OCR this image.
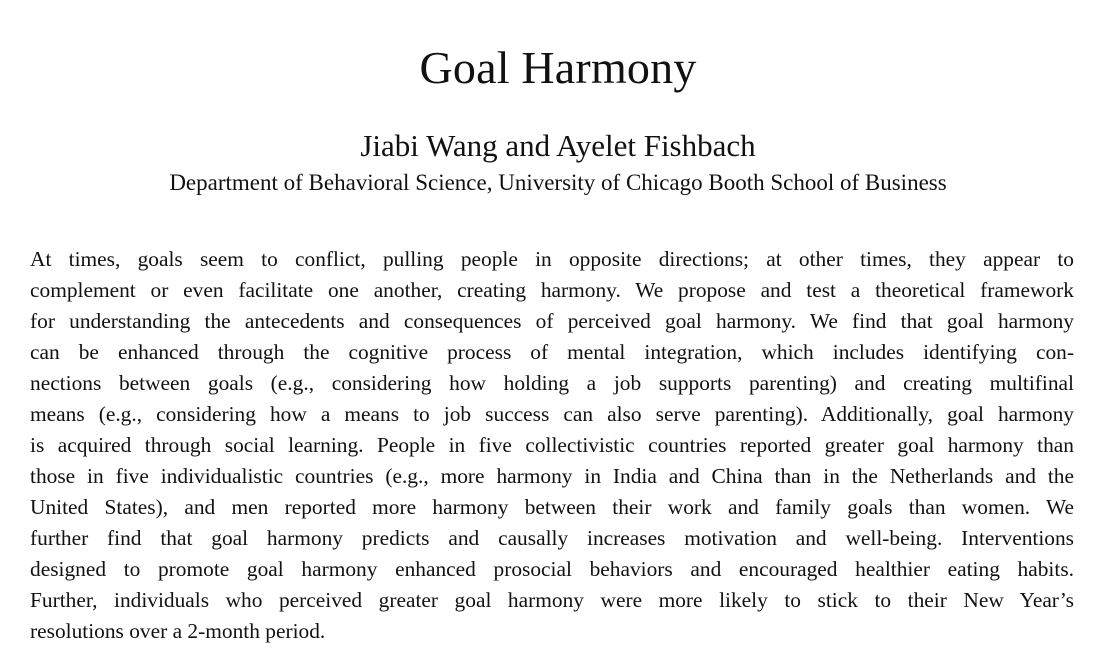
Goal Harmony
Jiabi Wang and Ayelet Fishbach
Department of Behavioral Science, University of Chicago Booth School of Business

At times, goals seem to conflict, pulling people in opposite directions; at other times, they appear to
complement or even facilitate one another, creating harmony. We propose and test a theoretical framework
for understanding the antecedents and consequences of perceived goal harmony. We find that goal harmony
can be enhanced through the cognitive process of mental integration, which includes identifying con-
nections between goals (e.g., considering how holding a job supports parenting) and creating multifinal
means (e.g., considering how a means to job success can also serve parenting). Additionally, goal harmony
is acquired through social learning. People in five collectivistic countries reported greater goal harmony than
those in five individualistic countries (e.g., more harmony in India and China than in the Netherlands and the
United States), and men reported more harmony between their work and family goals than women. We
further find that goal harmony predicts and causally increases motivation and well-being. Interventions
designed to promote goal harmony enhanced prosocial behaviors and encouraged healthier eating habits.
Further, individuals who perceived greater goal harmony were more likely to stick to their New Year’s
resolutions over a 2-month period.
